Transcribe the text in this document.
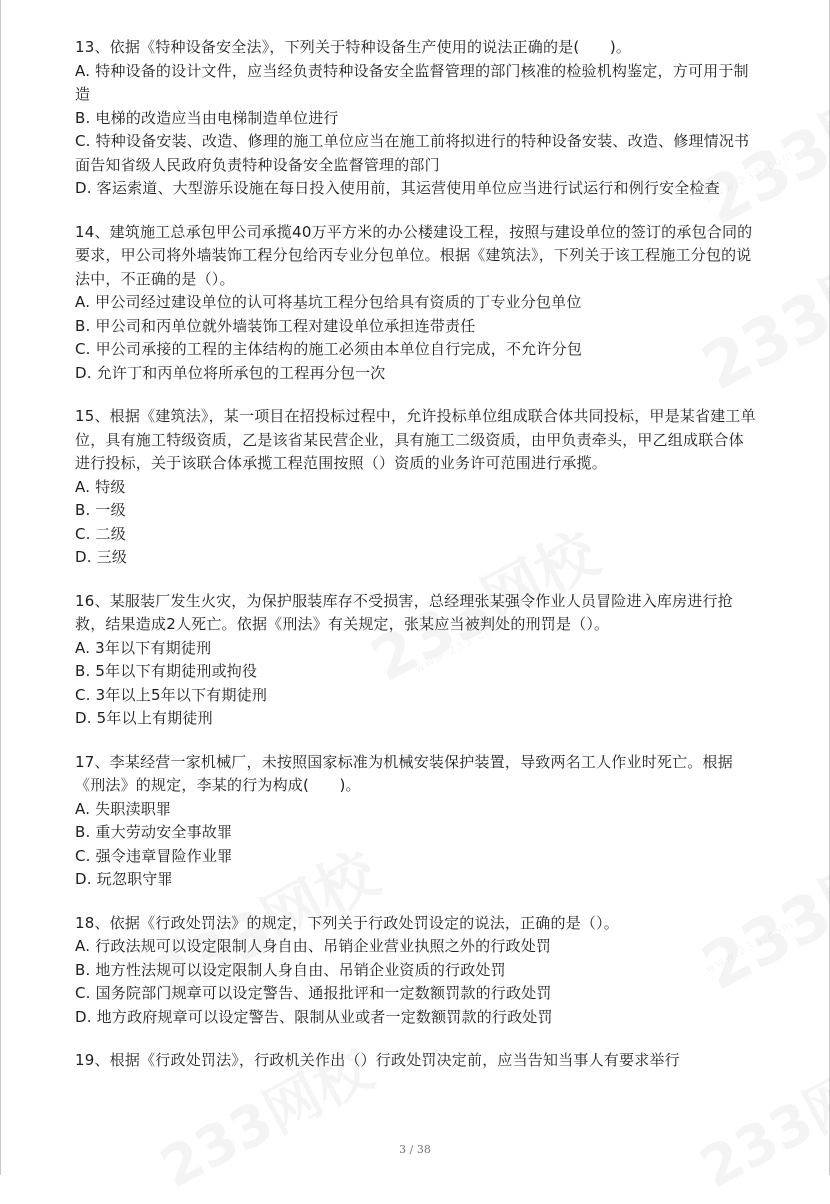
13、依据《特种设备安全法》，下列关于特种设备生产使用的说法正确的是(　　)。

A. 特种设备的设计文件，应当经负责特种设备安全监督管理的部门核准的检验机构鉴定，方可用于制造

B. 电梯的改造应当由电梯制造单位进行

C. 特种设备安装、改造、修理的施工单位应当在施工前将拟进行的特种设备安装、改造、修理情况书面告知省级人民政府负责特种设备安全监督管理的部门

D. 客运索道、大型游乐设施在每日投入使用前，其运营使用单位应当进行试运行和例行安全检查

14、建筑施工总承包甲公司承揽40万平方米的办公楼建设工程，按照与建设单位的签订的承包合同的要求，甲公司将外墙装饰工程分包给丙专业分包单位。根据《建筑法》，下列关于该工程施工分包的说法中，不正确的是（）。

A. 甲公司经过建设单位的认可将基坑工程分包给具有资质的丁专业分包单位

B. 甲公司和丙单位就外墙装饰工程对建设单位承担连带责任

C. 甲公司承接的工程的主体结构的施工必须由本单位自行完成，不允许分包

D. 允许丁和丙单位将所承包的工程再分包一次

15、根据《建筑法》，某一项目在招投标过程中，允许投标单位组成联合体共同投标，甲是某省建工单位，具有施工特级资质，乙是该省某民营企业，具有施工二级资质，由甲负责牵头，甲乙组成联合体进行投标，关于该联合体承揽工程范围按照（）资质的业务许可范围进行承揽。

A. 特级

B. 一级

C. 二级

D. 三级

16、某服装厂发生火灾，为保护服装库存不受损害，总经理张某强令作业人员冒险进入库房进行抢救，结果造成2人死亡。依据《刑法》有关规定，张某应当被判处的刑罚是（）。

A. 3年以下有期徒刑

B. 5年以下有期徒刑或拘役

C. 3年以上5年以下有期徒刑

D. 5年以上有期徒刑

17、李某经营一家机械厂，未按照国家标准为机械安装保护装置，导致两名工人作业时死亡。根据《刑法》的规定，李某的行为构成(　　)。

A. 失职渎职罪

B. 重大劳动安全事故罪

C. 强令违章冒险作业罪

D. 玩忽职守罪

18、依据《行政处罚法》的规定，下列关于行政处罚设定的说法，正确的是（）。

A. 行政法规可以设定限制人身自由、吊销企业营业执照之外的行政处罚

B. 地方性法规可以设定限制人身自由、吊销企业资质的行政处罚

C. 国务院部门规章可以设定警告、通报批评和一定数额罚款的行政处罚

D. 地方政府规章可以设定警告、限制从业或者一定数额罚款的行政处罚

19、根据《行政处罚法》，行政机关作出（）行政处罚决定前，应当告知当事人有要求举行

3 / 38
